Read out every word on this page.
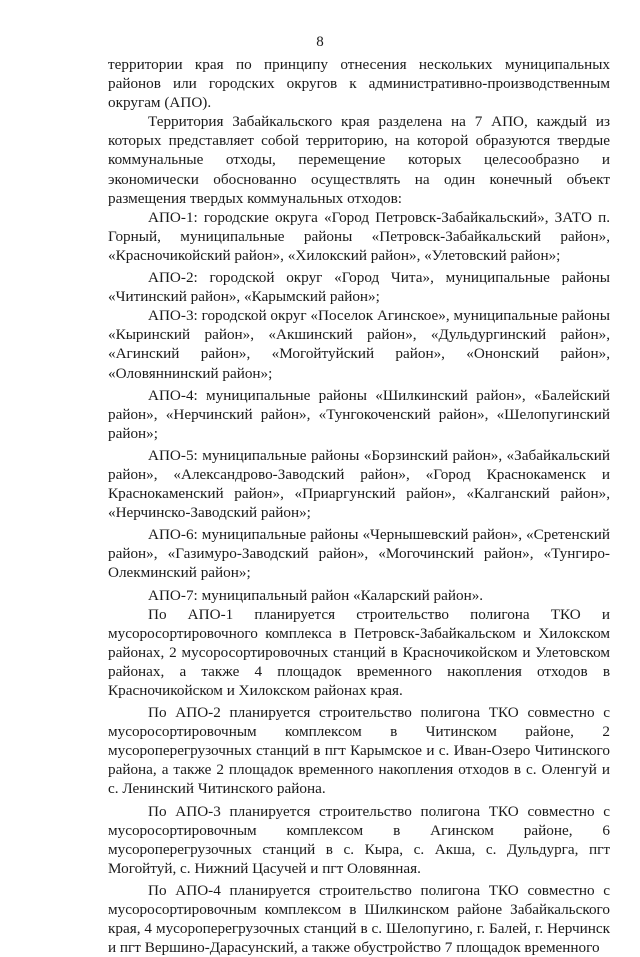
8

территории края по принципу отнесения нескольких муниципальных районов или городских округов к административно-производственным округам (АПО).

Территория Забайкальского края разделена на 7 АПО, каждый из которых представляет собой территорию, на которой образуются твердые коммунальные отходы, перемещение которых целесообразно и экономически обоснованно осуществлять на один конечный объект размещения твердых коммунальных отходов:

АПО-1: городские округа «Город Петровск-Забайкальский», ЗАТО п. Горный, муниципальные районы «Петровск-Забайкальский район», «Красночикойский район», «Хилокский район», «Улетовский район»;

АПО-2: городской округ «Город Чита», муниципальные районы «Читинский район», «Карымский район»;

АПО-3: городской округ «Поселок Агинское», муниципальные районы «Кыринский район», «Акшинский район», «Дульдургинский район», «Агинский район», «Могойтуйский район», «Ононский район», «Оловяннинский район»;

АПО-4: муниципальные районы «Шилкинский район», «Балейский район», «Нерчинский район», «Тунгокоченский район», «Шелопугинский район»;

АПО-5: муниципальные районы «Борзинский район», «Забайкальский район», «Александрово-Заводский район», «Город Краснокаменск и Краснокаменский район», «Приаргунский район», «Калганский район», «Нерчинско-Заводский район»;

АПО-6: муниципальные районы «Чернышевский район», «Сретенский район», «Газимуро-Заводский район», «Могочинский район», «Тунгиро-Олекминский район»;

АПО-7: муниципальный район «Каларский район».

По АПО-1 планируется строительство полигона ТКО и мусоросортировочного комплекса в Петровск-Забайкальском и Хилокском районах, 2 мусоросортировочных станций в Красночикойском и Улетовском районах, а также 4 площадок временного накопления отходов в Красночикойском и Хилокском районах края.

По АПО-2 планируется строительство полигона ТКО совместно с мусоросортировочным комплексом в Читинском районе, 2 мусороперегрузочных станций в пгт Карымское и с. Иван-Озеро Читинского района, а также 2 площадок временного накопления отходов в с. Оленгуй и с. Ленинский Читинского района.

По АПО-3 планируется строительство полигона ТКО совместно с мусоросортировочным комплексом в Агинском районе, 6 мусороперегрузочных станций в с. Кыра, с. Акша, с. Дульдурга, пгт Могойтуй, с. Нижний Цасучей и пгт Оловянная.

По АПО-4 планируется строительство полигона ТКО совместно с мусоросортировочным комплексом в Шилкинском районе Забайкальского края, 4 мусороперегрузочных станций в с. Шелопугино, г. Балей, г. Нерчинск и пгт Вершино-Дарасунский, а также обустройство 7 площадок временного
